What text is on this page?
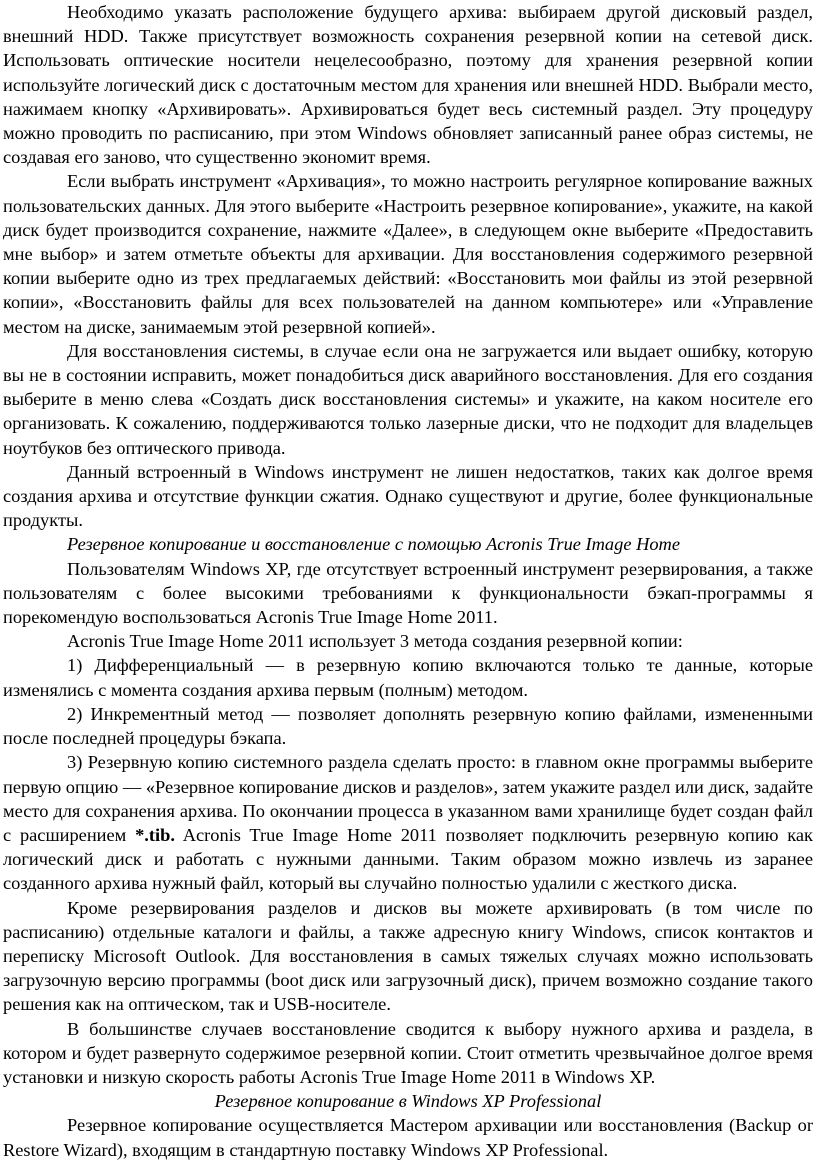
Необходимо указать расположение будущего архива: выбираем другой дисковый раздел, внешний HDD. Также присутствует возможность сохранения резервной копии на сетевой диск. Использовать оптические носители нецелесообразно, поэтому для хранения резервной копии используйте логический диск с достаточным местом для хранения или внешней HDD. Выбрали место, нажимаем кнопку «Архивировать». Архивироваться будет весь системный раздел. Эту процедуру можно проводить по расписанию, при этом Windows обновляет записанный ранее образ системы, не создавая его заново, что существенно экономит время.

Если выбрать инструмент «Архивация», то можно настроить регулярное копирование важных пользовательских данных. Для этого выберите «Настроить резервное копирование», укажите, на какой диск будет производится сохранение, нажмите «Далее», в следующем окне выберите «Предоставить мне выбор» и затем отметьте объекты для архивации. Для восстановления содержимого резервной копии выберите одно из трех предлагаемых действий: «Восстановить мои файлы из этой резервной копии», «Восстановить файлы для всех пользователей на данном компьютере» или «Управление местом на диске, занимаемым этой резервной копией».

Для восстановления системы, в случае если она не загружается или выдает ошибку, которую вы не в состоянии исправить, может понадобиться диск аварийного восстановления. Для его создания выберите в меню слева «Создать диск восстановления системы» и укажите, на каком носителе его организовать. К сожалению, поддерживаются только лазерные диски, что не подходит для владельцев ноутбуков без оптического привода.

Данный встроенный в Windows инструмент не лишен недостатков, таких как долгое время создания архива и отсутствие функции сжатия. Однако существуют и другие, более функциональные продукты.

Резервное копирование и восстановление с помощью Acronis True Image Home

Пользователям Windows XP, где отсутствует встроенный инструмент резервирования, а также пользователям с более высокими требованиями к функциональности бэкап-программы я порекомендую воспользоваться Acronis True Image Home 2011.

Acronis True Image Home 2011 использует 3 метода создания резервной копии:

1) Дифференциальный — в резервную копию включаются только те данные, которые изменялись с момента создания архива первым (полным) методом.

2) Инкрементный метод — позволяет дополнять резервную копию файлами, измененными после последней процедуры бэкапа.

3) Резервную копию системного раздела сделать просто: в главном окне программы выберите первую опцию — «Резервное копирование дисков и разделов», затем укажите раздел или диск, задайте место для сохранения архива. По окончании процесса в указанном вами хранилище будет создан файл с расширением *.tib. Acronis True Image Home 2011 позволяет подключить резервную копию как логический диск и работать с нужными данными. Таким образом можно извлечь из заранее созданного архива нужный файл, который вы случайно полностью удалили с жесткого диска.

Кроме резервирования разделов и дисков вы можете архивировать (в том числе по расписанию) отдельные каталоги и файлы, а также адресную книгу Windows, список контактов и переписку Microsoft Outlook. Для восстановления в самых тяжелых случаях можно использовать загрузочную версию программы (boot диск или загрузочный диск), причем возможно создание такого решения как на оптическом, так и USB-носителе.

В большинстве случаев восстановление сводится к выбору нужного архива и раздела, в котором и будет развернуто содержимое резервной копии. Стоит отметить чрезвычайное долгое время установки и низкую скорость работы Acronis True Image Home 2011 в Windows XP.

Резервное копирование в Windows XP Professional

Резервное копирование осуществляется Мастером архивации или восстановления (Backup or Restore Wizard), входящим в стандартную поставку Windows XP Professional.
